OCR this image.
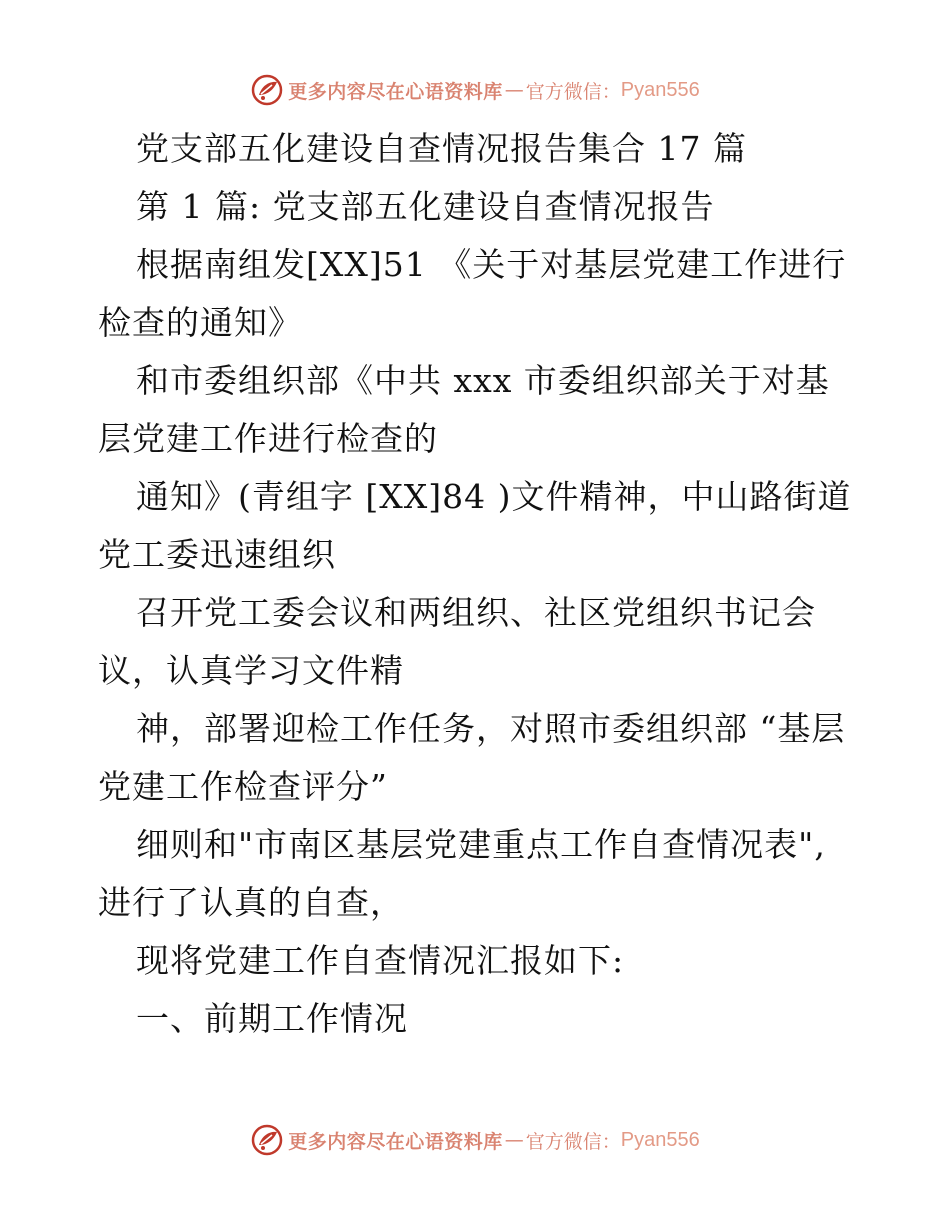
更多内容尽在心语资料库 — 官方微信： Pyan556
党支部五化建设自查情况报告集合 17 篇
第 1 篇: 党支部五化建设自查情况报告
根据南组发[XX]51 《关于对基层党建工作进行
检查的通知》
和市委组织部《中共 xxx 市委组织部关于对基
层党建工作进行检查的
通知》(青组字 [XX]84 )文件精神，中山路街道
党工委迅速组织
召开党工委会议和两组织、社区党组织书记会
议，认真学习文件精
神，部署迎检工作任务，对照市委组织部 “基层
党建工作检查评分”
细则和"市南区基层党建重点工作自查情况表",
进行了认真的自查，
现将党建工作自查情况汇报如下:
一、前期工作情况
更多内容尽在心语资料库 — 官方微信： Pyan556
